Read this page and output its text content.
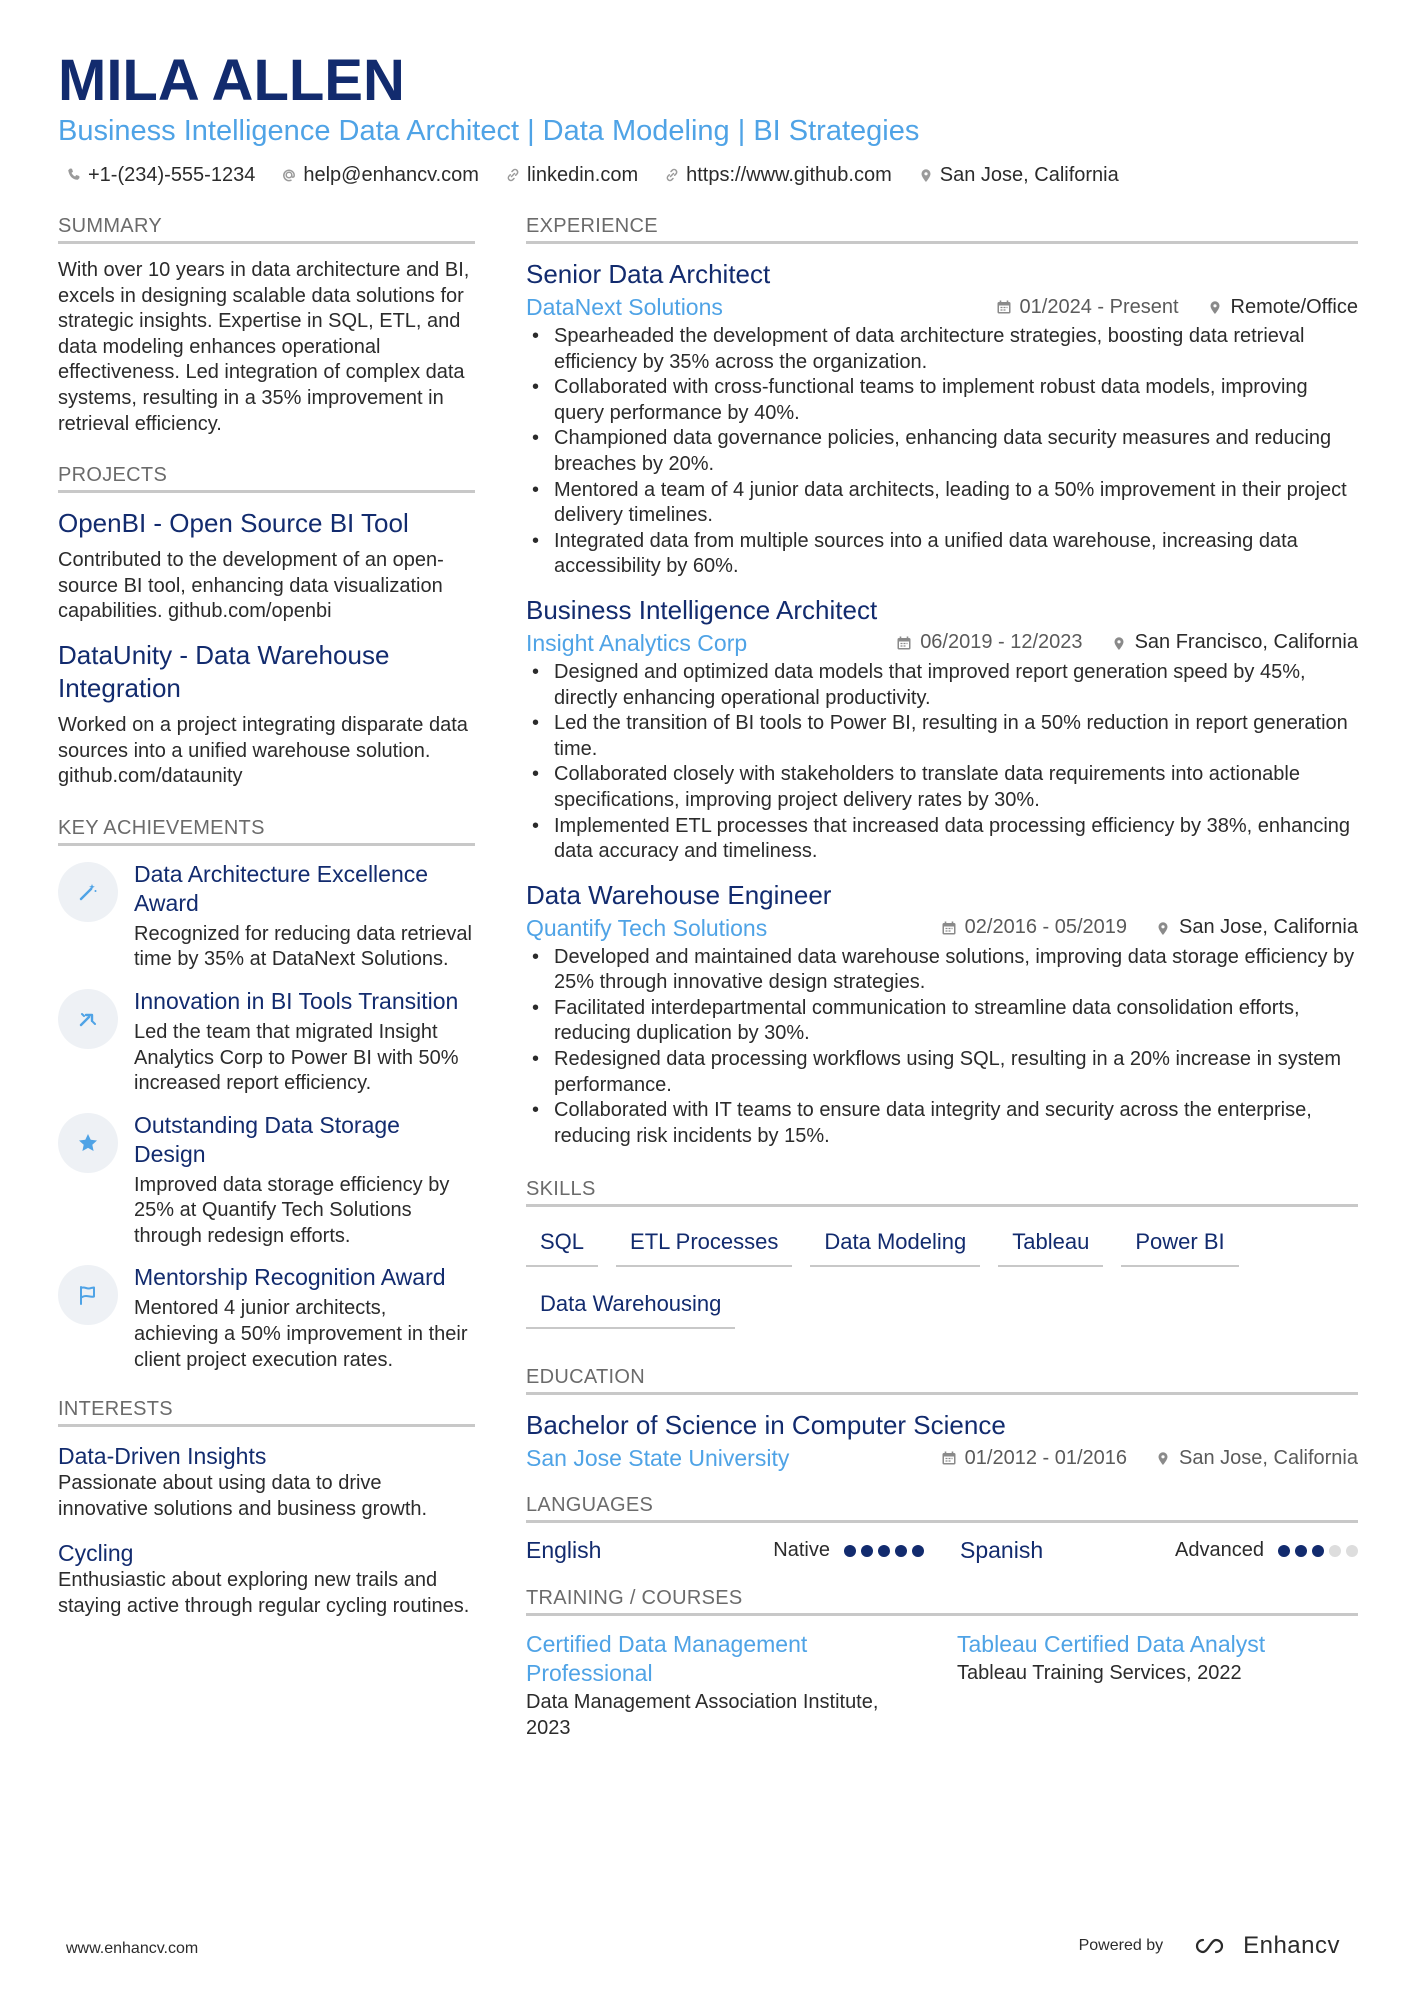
MILA ALLEN
Business Intelligence Data Architect | Data Modeling | BI Strategies
+1-(234)-555-1234 help@enhancv.com linkedin.com https://www.github.com San Jose, California
SUMMARY
With over 10 years in data architecture and BI, excels in designing scalable data solutions for strategic insights. Expertise in SQL, ETL, and data modeling enhances operational effectiveness. Led integration of complex data systems, resulting in a 35% improvement in retrieval efficiency.
PROJECTS
OpenBI - Open Source BI Tool
Contributed to the development of an open-source BI tool, enhancing data visualization capabilities. github.com/openbi
DataUnity - Data Warehouse Integration
Worked on a project integrating disparate data sources into a unified warehouse solution. github.com/dataunity
KEY ACHIEVEMENTS
Data Architecture Excellence Award
Recognized for reducing data retrieval time by 35% at DataNext Solutions.
Innovation in BI Tools Transition
Led the team that migrated Insight Analytics Corp to Power BI with 50% increased report efficiency.
Outstanding Data Storage Design
Improved data storage efficiency by 25% at Quantify Tech Solutions through redesign efforts.
Mentorship Recognition Award
Mentored 4 junior architects, achieving a 50% improvement in their client project execution rates.
INTERESTS
Data-Driven Insights
Passionate about using data to drive innovative solutions and business growth.
Cycling
Enthusiastic about exploring new trails and staying active through regular cycling routines.
EXPERIENCE
Senior Data Architect
DataNext Solutions	01/2024 - Present	Remote/Office
• Spearheaded the development of data architecture strategies, boosting data retrieval efficiency by 35% across the organization.
• Collaborated with cross-functional teams to implement robust data models, improving query performance by 40%.
• Championed data governance policies, enhancing data security measures and reducing breaches by 20%.
• Mentored a team of 4 junior data architects, leading to a 50% improvement in their project delivery timelines.
• Integrated data from multiple sources into a unified data warehouse, increasing data accessibility by 60%.
Business Intelligence Architect
Insight Analytics Corp	06/2019 - 12/2023	San Francisco, California
• Designed and optimized data models that improved report generation speed by 45%, directly enhancing operational productivity.
• Led the transition of BI tools to Power BI, resulting in a 50% reduction in report generation time.
• Collaborated closely with stakeholders to translate data requirements into actionable specifications, improving project delivery rates by 30%.
• Implemented ETL processes that increased data processing efficiency by 38%, enhancing data accuracy and timeliness.
Data Warehouse Engineer
Quantify Tech Solutions	02/2016 - 05/2019	San Jose, California
• Developed and maintained data warehouse solutions, improving data storage efficiency by 25% through innovative design strategies.
• Facilitated interdepartmental communication to streamline data consolidation efforts, reducing duplication by 30%.
• Redesigned data processing workflows using SQL, resulting in a 20% increase in system performance.
• Collaborated with IT teams to ensure data integrity and security across the enterprise, reducing risk incidents by 15%.
SKILLS
SQL	ETL Processes	Data Modeling	Tableau	Power BI
Data Warehousing
EDUCATION
Bachelor of Science in Computer Science
San Jose State University	01/2012 - 01/2016	San Jose, California
LANGUAGES
English	Native	Spanish	Advanced
TRAINING / COURSES
Certified Data Management Professional
Data Management Association Institute, 2023
Tableau Certified Data Analyst
Tableau Training Services, 2022
www.enhancv.com	Powered by	Enhancv
